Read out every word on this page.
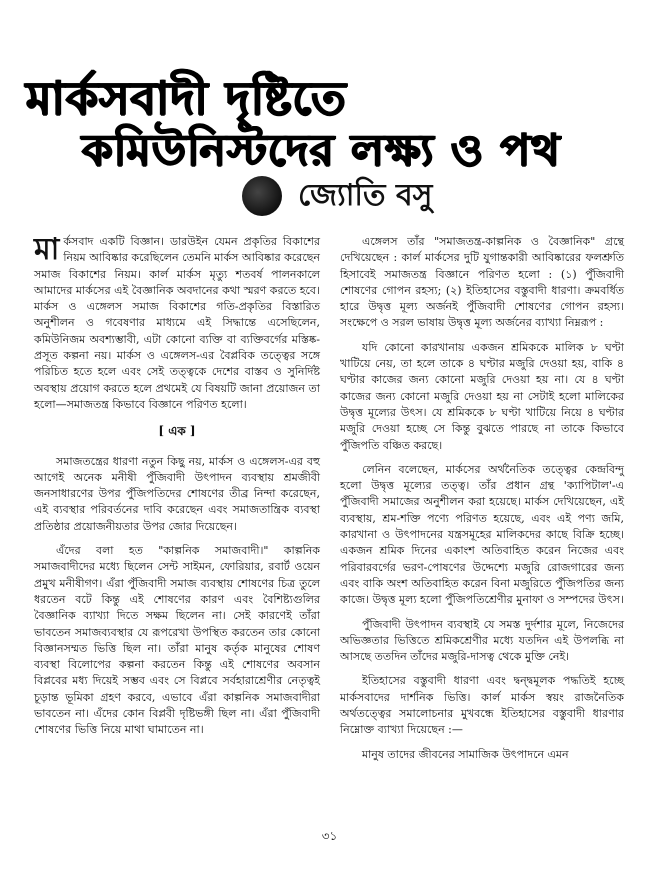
মার্কসবাদী দৃষ্টিতে
কমিউনিস্টদের লক্ষ্য ও পথ
জ্যোতি বসু

মার্কসবাদ একটি বিজ্ঞান। ডারউইন যেমন প্রকৃতির বিকাশের নিয়ম আবিষ্কার করেছিলেন তেমনি মার্কস আবিষ্কার করেছেন সমাজ বিকাশের নিয়ম। কার্ল মার্কস মৃত্যু শতবর্ষ পালনকালে আমাদের মার্কসের এই বৈজ্ঞানিক অবদানের কথা স্মরণ করতে হবে। মার্কস ও এঙ্গেলস সমাজ বিকাশের গতি-প্রকৃতির বিস্তারিত অনুশীলন ও গবেষণার মাধ্যমে এই সিদ্ধান্তে এসেছিলেন, কমিউনিজম অবশ্যম্ভাবী, এটা কোনো ব্যক্তি বা ব্যক্তিবর্গের মস্তিষ্ক-প্রসূত কল্পনা নয়। মার্কস ও এঙ্গেলস-এর বৈপ্লবিক তত্ত্বের সঙ্গে পরিচিত হতে হলে এবং সেই তত্ত্বকে দেশের বাস্তব ও সুনির্দিষ্ট অবস্থায় প্রয়োগ করতে হলে প্রথমেই যে বিষয়টি জানা প্রয়োজন তা হলো—সমাজতন্ত্র কিভাবে বিজ্ঞানে পরিণত হলো।

[ এক ]

সমাজতন্ত্রের ধারণা নতুন কিছু নয়, মার্কস ও এঙ্গেলস-এর বহু আগেই অনেক মনীষী পুঁজিবাদী উৎপাদন ব্যবস্থায় শ্রমজীবী জনসাধারণের উপর পুঁজিপতিদের শোষণের তীব্র নিন্দা করেছেন, এই ব্যবস্থার পরিবর্তনের দাবি করেছেন এবং সমাজতান্ত্রিক ব্যবস্থা প্রতিষ্ঠার প্রয়োজনীয়তার উপর জোর দিয়েছেন।

এঁদের বলা হত "কাল্পনিক সমাজবাদী।" কাল্পনিক সমাজবাদীদের মধ্যে ছিলেন সেন্ট সাইমন, ফোরিয়ার, রবার্ট ওয়েন প্রমুখ মনীষীগণ। এঁরা পুঁজিবাদী সমাজ ব্যবস্থায় শোষণের চিত্র তুলে ধরতেন বটে কিন্তু এই শোষণের কারণ এবং বৈশিষ্ট্যগুলির বৈজ্ঞানিক ব্যাখ্যা দিতে সক্ষম ছিলেন না। সেই কারণেই তাঁরা ভাবতেন সমাজব্যবস্থার যে রূপরেখা উপস্থিত করতেন তার কোনো বিজ্ঞানসম্মত ভিত্তি ছিল না। তাঁরা মানুষ কর্তৃক মানুষের শোষণ ব্যবস্থা বিলোপের কল্পনা করতেন কিন্তু এই শোষণের অবসান বিপ্লবের মধ্য দিয়েই সম্ভব এবং সে বিপ্লবে সর্বহারাশ্রেণীর নেতৃত্বই চূড়ান্ত ভূমিকা গ্রহণ করবে, এভাবে এঁরা কাল্পনিক সমাজবাদীরা ভাবতেন না। এঁদের কোন বিপ্লবী দৃষ্টিভঙ্গী ছিল না। এঁরা পুঁজিবাদী শোষণের ভিত্তি নিয়ে মাথা ঘামাতেন না।

এঙ্গেলস তাঁর "সমাজতন্ত্র-কাল্পনিক ও বৈজ্ঞানিক" গ্রন্থে দেখিয়েছেন : কার্ল মার্কসের দুটি যুগান্তকারী আবিষ্কারের ফলশ্রুতি হিসাবেই সমাজতন্ত্র বিজ্ঞানে পরিণত হলো : (১) পুঁজিবাদী শোষণের গোপন রহস্য; (২) ইতিহাসের বস্তুবাদী ধারণা। ক্রমবর্ধিত হারে উদ্বৃত্ত মূল্য অর্জনই পুঁজিবাদী শোষণের গোপন রহস্য। সংক্ষেপে ও সরল ভাষায় উদ্বৃত্ত মূল্য অর্জনের ব্যাখ্যা নিম্নরূপ :

যদি কোনো কারখানায় একজন শ্রমিককে মালিক ৮ ঘণ্টা খাটিয়ে নেয়, তা হলে তাকে ৪ ঘণ্টার মজুরি দেওয়া হয়, বাকি ৪ ঘণ্টার কাজের জন্য কোনো মজুরি দেওয়া হয় না। যে ৪ ঘণ্টা কাজের জন্য কোনো মজুরি দেওয়া হয় না সেটাই হলো মালিকের উদ্বৃত্ত মূল্যের উৎস। যে শ্রমিককে ৮ ঘণ্টা খাটিয়ে নিয়ে ৪ ঘণ্টার মজুরি দেওয়া হচ্ছে সে কিন্তু বুঝতে পারছে না তাকে কিভাবে পুঁজিপতি বঞ্চিত করছে।

লেনিন বলেছেন, মার্কসের অর্থনৈতিক তত্ত্বের কেন্দ্রবিন্দু হলো উদ্বৃত্ত মূল্যের তত্ত্ব। তাঁর প্রধান গ্রন্থ 'ক্যাপিটাল'-এ পুঁজিবাদী সমাজের অনুশীলন করা হয়েছে। মার্কস দেখিয়েছেন, এই ব্যবস্থায়, শ্রম-শক্তি পণ্যে পরিণত হয়েছে, এবং এই পণ্য জমি, কারখানা ও উৎপাদনের যন্ত্রসমূহের মালিকদের কাছে বিক্রি হচ্ছে। একজন শ্রমিক দিনের একাংশ অতিবাহিত করেন নিজের এবং পরিবারবর্গের ভরণ-পোষণের উদ্দেশ্যে মজুরি রোজগারের জন্য এবং বাকি অংশ অতিবাহিত করেন বিনা মজুরিতে পুঁজিপতির জন্য কাজে। উদ্বৃত্ত মূল্য হলো পুঁজিপতিশ্রেণীর মুনাফা ও সম্পদের উৎস।

পুঁজিবাদী উৎপাদন ব্যবস্থাই যে সমস্ত দুর্দশার মূলে, নিজেদের অভিজ্ঞতার ভিত্তিতে শ্রমিকশ্রেণীর মধ্যে যতদিন এই উপলব্ধি না আসছে ততদিন তাঁদের মজুরি-দাসত্ব থেকে মুক্তি নেই।

ইতিহাসের বস্তুবাদী ধারণা এবং দ্বন্দ্বমূলক পদ্ধতিই হচ্ছে মার্কসবাদের দার্শনিক ভিত্তি। কার্ল মার্কস স্বয়ং রাজনৈতিক অর্থতত্ত্বের সমালোচনার মুখবন্ধে ইতিহাসের বস্তুবাদী ধারণার নিম্নোক্ত ব্যাখ্যা দিয়েছেন :—

মানুষ তাদের জীবনের সামাজিক উৎপাদনে এমন

৩১
